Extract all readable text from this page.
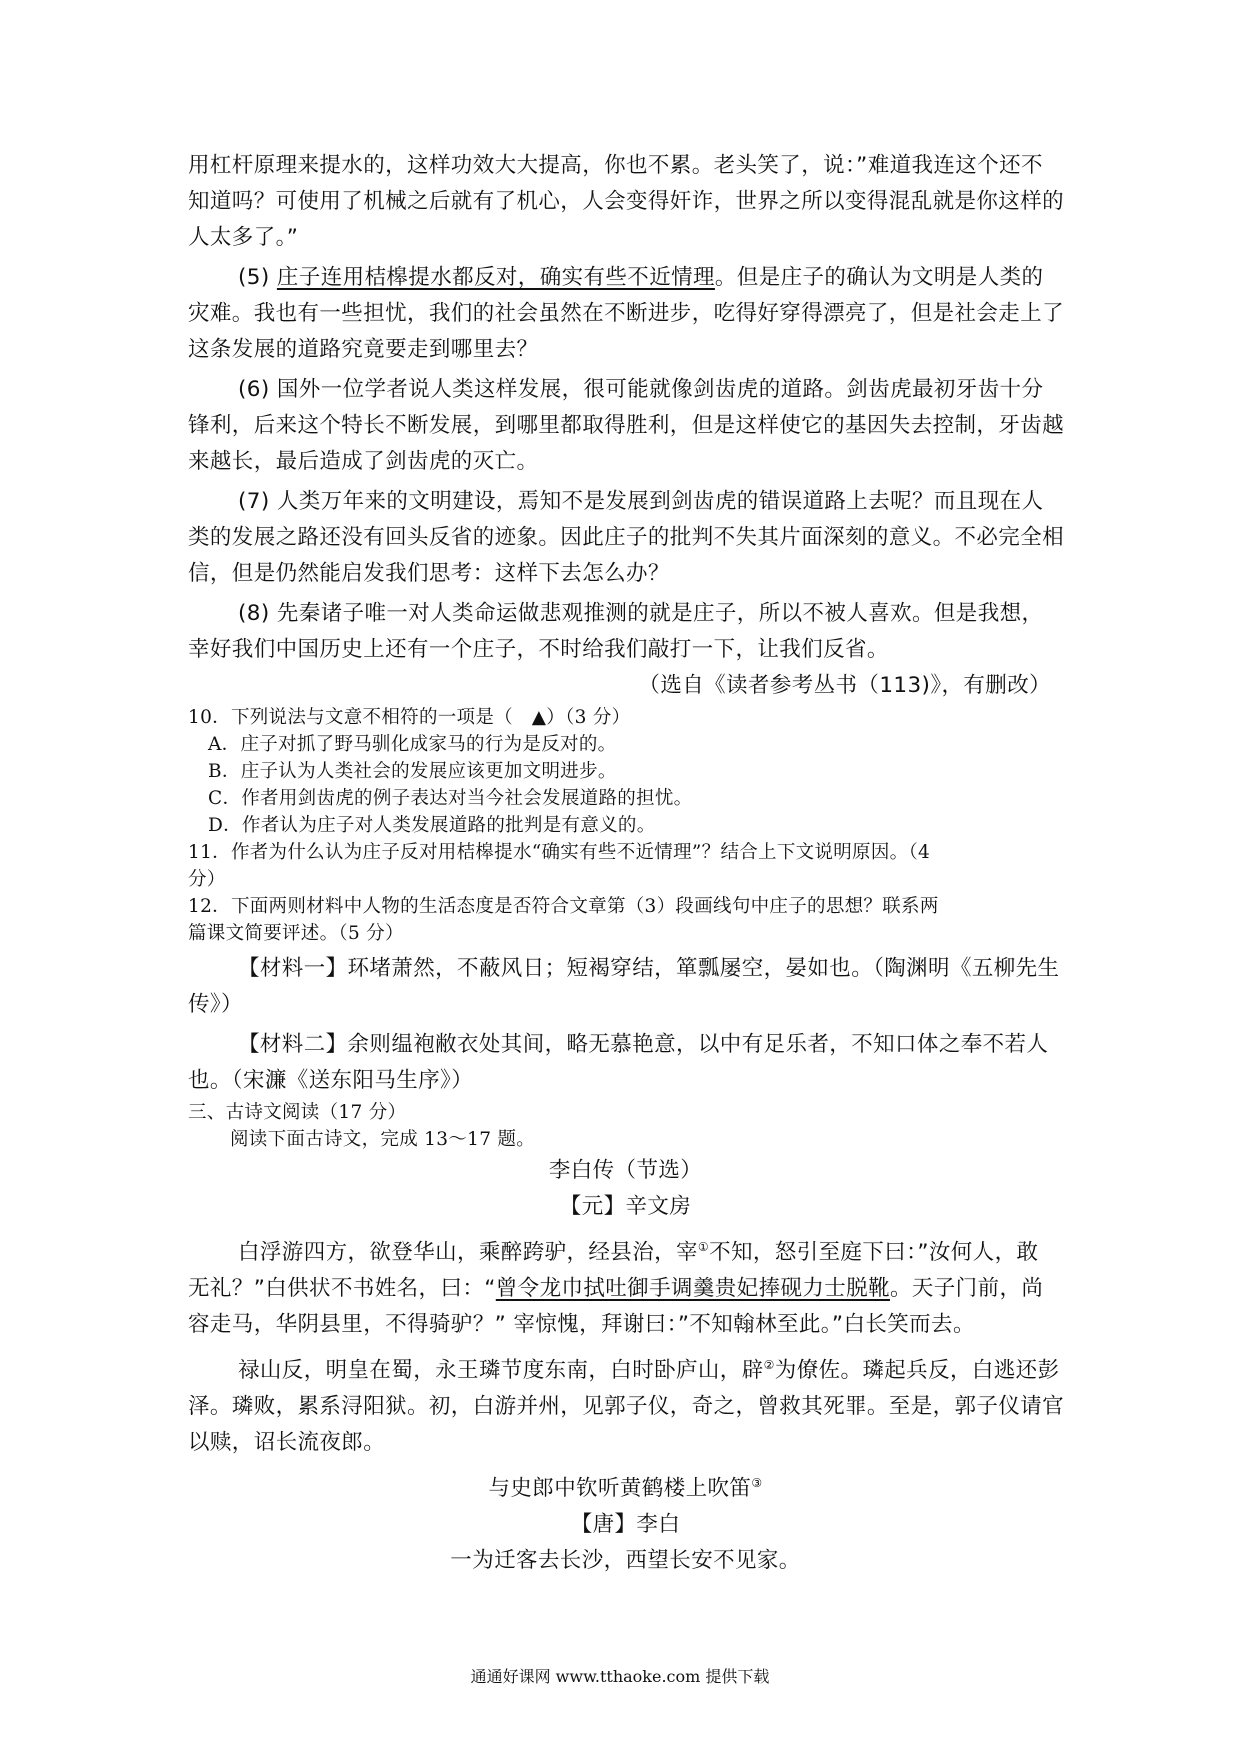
用杠杆原理来提水的，这样功效大大提高，你也不累。老头笑了，说：”难道我连这个还不
知道吗？可使用了机械之后就有了机心，人会变得奸诈，世界之所以变得混乱就是你这样的
人太多了。”
(5) 庄子连用桔槔提水都反对，确实有些不近情理。但是庄子的确认为文明是人类的
灾难。我也有一些担忧，我们的社会虽然在不断进步，吃得好穿得漂亮了，但是社会走上了
这条发展的道路究竟要走到哪里去？
(6) 国外一位学者说人类这样发展，很可能就像剑齿虎的道路。剑齿虎最初牙齿十分
锋利，后来这个特长不断发展，到哪里都取得胜利，但是这样使它的基因失去控制，牙齿越
来越长，最后造成了剑齿虎的灭亡。
(7) 人类万年来的文明建设，焉知不是发展到剑齿虎的错误道路上去呢？而且现在人
类的发展之路还没有回头反省的迹象。因此庄子的批判不失其片面深刻的意义。不必完全相
信，但是仍然能启发我们思考：这样下去怎么办？
(8) 先秦诸子唯一对人类命运做悲观推测的就是庄子，所以不被人喜欢。但是我想，
幸好我们中国历史上还有一个庄子，不时给我们敲打一下，让我们反省。
（选自《读者参考丛书（113)》，有删改）
10．下列说法与文意不相符的一项是（　▲）（3 分）
A．庄子对抓了野马驯化成家马的行为是反对的。
B．庄子认为人类社会的发展应该更加文明进步。
C．作者用剑齿虎的例子表达对当今社会发展道路的担忧。
D．作者认为庄子对人类发展道路的批判是有意义的。
11．作者为什么认为庄子反对用桔槔提水“确实有些不近情理”？结合上下文说明原因。（4
分）
12．下面两则材料中人物的生活态度是否符合文章第（3）段画线句中庄子的思想？联系两
篇课文简要评述。（5 分）
【材料一】环堵萧然，不蔽风日；短褐穿结，箪瓢屡空，晏如也。（陶渊明《五柳先生
传》）
【材料二】余则缊袍敝衣处其间，略无慕艳意，以中有足乐者，不知口体之奉不若人
也。（宋濂《送东阳马生序》）
三、古诗文阅读（17 分）
阅读下面古诗文，完成 13～17 题。
李白传（节选）
【元】辛文房
白浮游四方，欲登华山，乘醉跨驴，经县治，宰①不知，怒引至庭下曰：”汝何人，敢
无礼？”白供状不书姓名，曰：“曾令龙巾拭吐御手调羹贵妃捧砚力士脱靴。天子门前，尚
容走马，华阴县里，不得骑驴？” 宰惊愧，拜谢曰：”不知翰林至此。”白长笑而去。
禄山反，明皇在蜀，永王璘节度东南，白时卧庐山，辟②为僚佐。璘起兵反，白逃还彭
泽。璘败，累系浔阳狱。初，白游并州，见郭子仪，奇之，曾救其死罪。至是，郭子仪请官
以赎，诏长流夜郎。
与史郎中钦听黄鹤楼上吹笛③
【唐】李白
一为迁客去长沙，西望长安不见家。
通通好课网 www.tthaoke.com 提供下载
